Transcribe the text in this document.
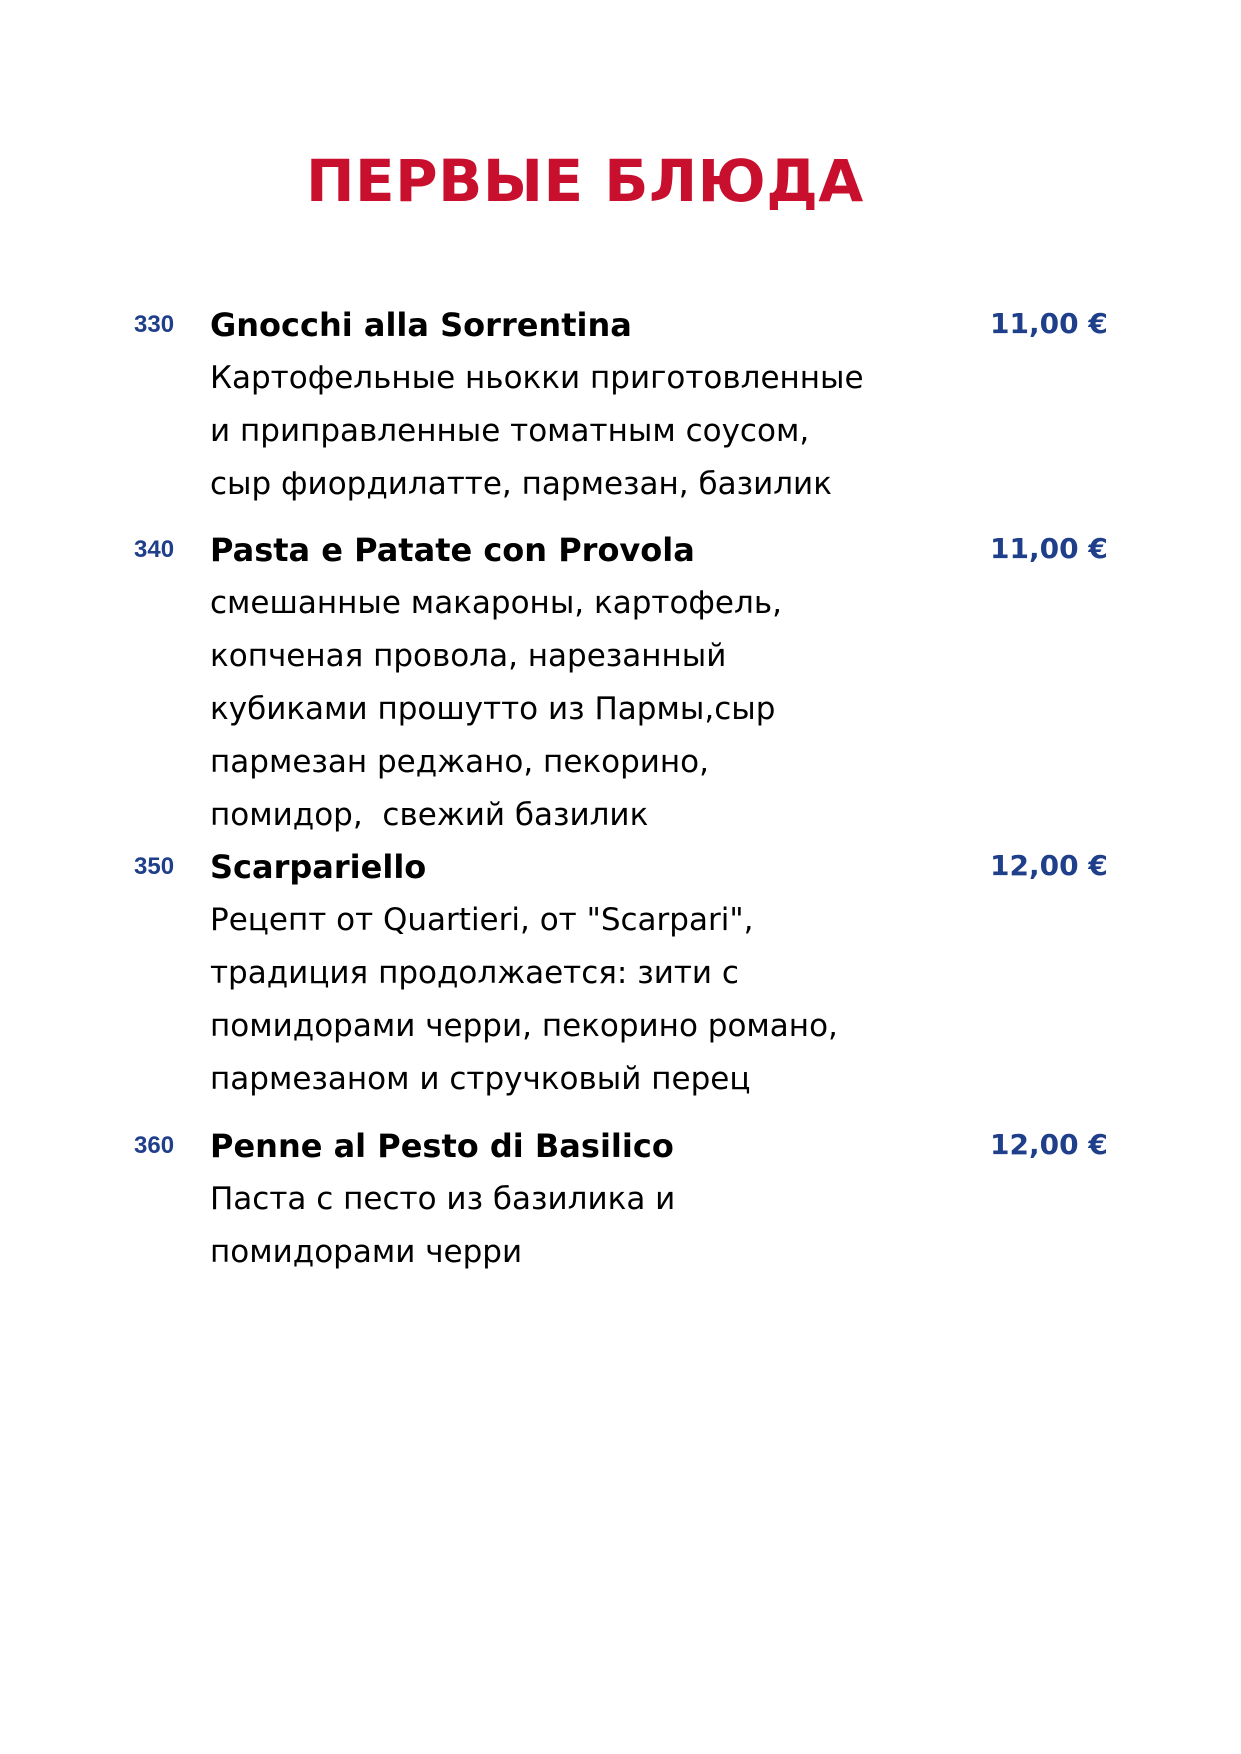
ПЕРВЫЕ БЛЮДА
330 Gnocchi alla Sorrentina	11,00 €
Картофельные ньокки приготовленные
и приправленные томатным соусом,
сыр фиордилатте, пармезан, базилик
340 Pasta e Patate con Provola	11,00 €
смешанные макароны, картофель,
копченая провола, нарезанный
кубиками прошутто из Пармы,сыр
пармезан реджано, пекорино,
помидор,  свежий базилик
350 Scarpariello	12,00 €
Рецепт от Quartieri, от "Scarpari",
традиция продолжается: зити с
помидорами черри, пекорино романо,
пармезаном и стручковый перец
360 Penne al Pesto di Basilico	12,00 €
Паста с песто из базилика и
помидорами черри
